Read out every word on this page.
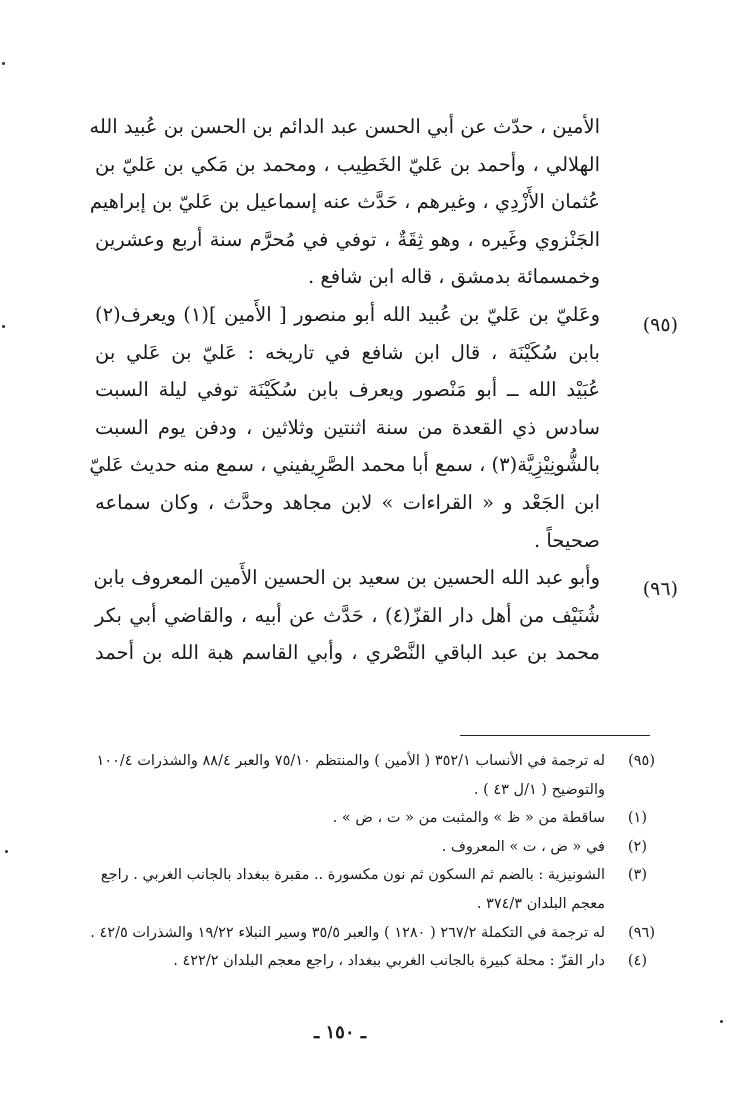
الأمين ، حدّث عن أبي الحسن عبد الدائم بن الحسن بن عُبيد الله
الهلالي ، وأحمد بن عَليّ الخَطِيب ، ومحمد بن مَكي بن عَليّ بن
عُثمان الأَزْدِي ، وغيرهم ، حَدَّث عنه إسماعيل بن عَليّ بن إبراهيم
الجَنْزوي وغَيره ، وهو ثِقَةٌ ، توفي في مُحرَّم سنة أربع وعشرين
وخمسمائة بدمشق ، قاله ابن شافع .
وعَليّ بن عَليّ بن عُبيد الله أبو منصور [ الأَمين ](١) ويعرف(٢)
بابن سُكَيْنَة ، قال ابن شافع في تاريخه : عَليّ بن عَلي بن
عُبَيْد الله ــ أبو مَنْصور ويعرف بابن سُكَيْنَة توفي ليلة السبت
سادس ذي القعدة من سنة اثنتين وثلاثين ، ودفن يوم السبت
بالشُّونِيْزِيَّة(٣) ، سمع أبا محمد الصَّرِيفيني ، سمع منه حديث عَليّ
ابن الجَعْد و « القراءات » لابن مجاهد وحدَّث ، وكان سماعه
صحيحاً .
وأبو عبد الله الحسين بن سعيد بن الحسين الأَمين المعروف بابن
شُنَيْف من أهل دار القزّ(٤) ، حَدَّث عن أبيه ، والقاضي أبي بكر
محمد بن عبد الباقي النَّصْري ، وأبي القاسم هبة الله بن أحمد
(٩٥)
(٩٦)
(٩٥)
له ترجمة في الأنساب ٣٥٢/١ ( الأمين ) والمنتظم ٧٥/١٠ والعبر ٨٨/٤ والشذرات ١٠٠/٤
والتوضيح ( ١/ل ٤٣ ) .
(١)
ساقطة من « ظ » والمثبت من « ت ، ض » .
(٢)
في « ض ، ت » المعروف .
(٣)
الشونيزية : بالضم ثم السكون ثم نون مكسورة .. مقبرة ببغداد بالجانب الغربي . راجع
معجم البلدان ٣٧٤/٣ .
(٩٦)
له ترجمة في التكملة ٢٦٧/٢ ( ١٢٨٠ ) والعبر ٣٥/٥ وسير النبلاء ١٩/٢٢ والشذرات ٤٢/٥ .
(٤)
دار القزّ : محلة كبيرة بالجانب الغربي ببغداد ، راجع معجم البلدان ٤٢٢/٢ .
ـ ١٥٠ ـ
